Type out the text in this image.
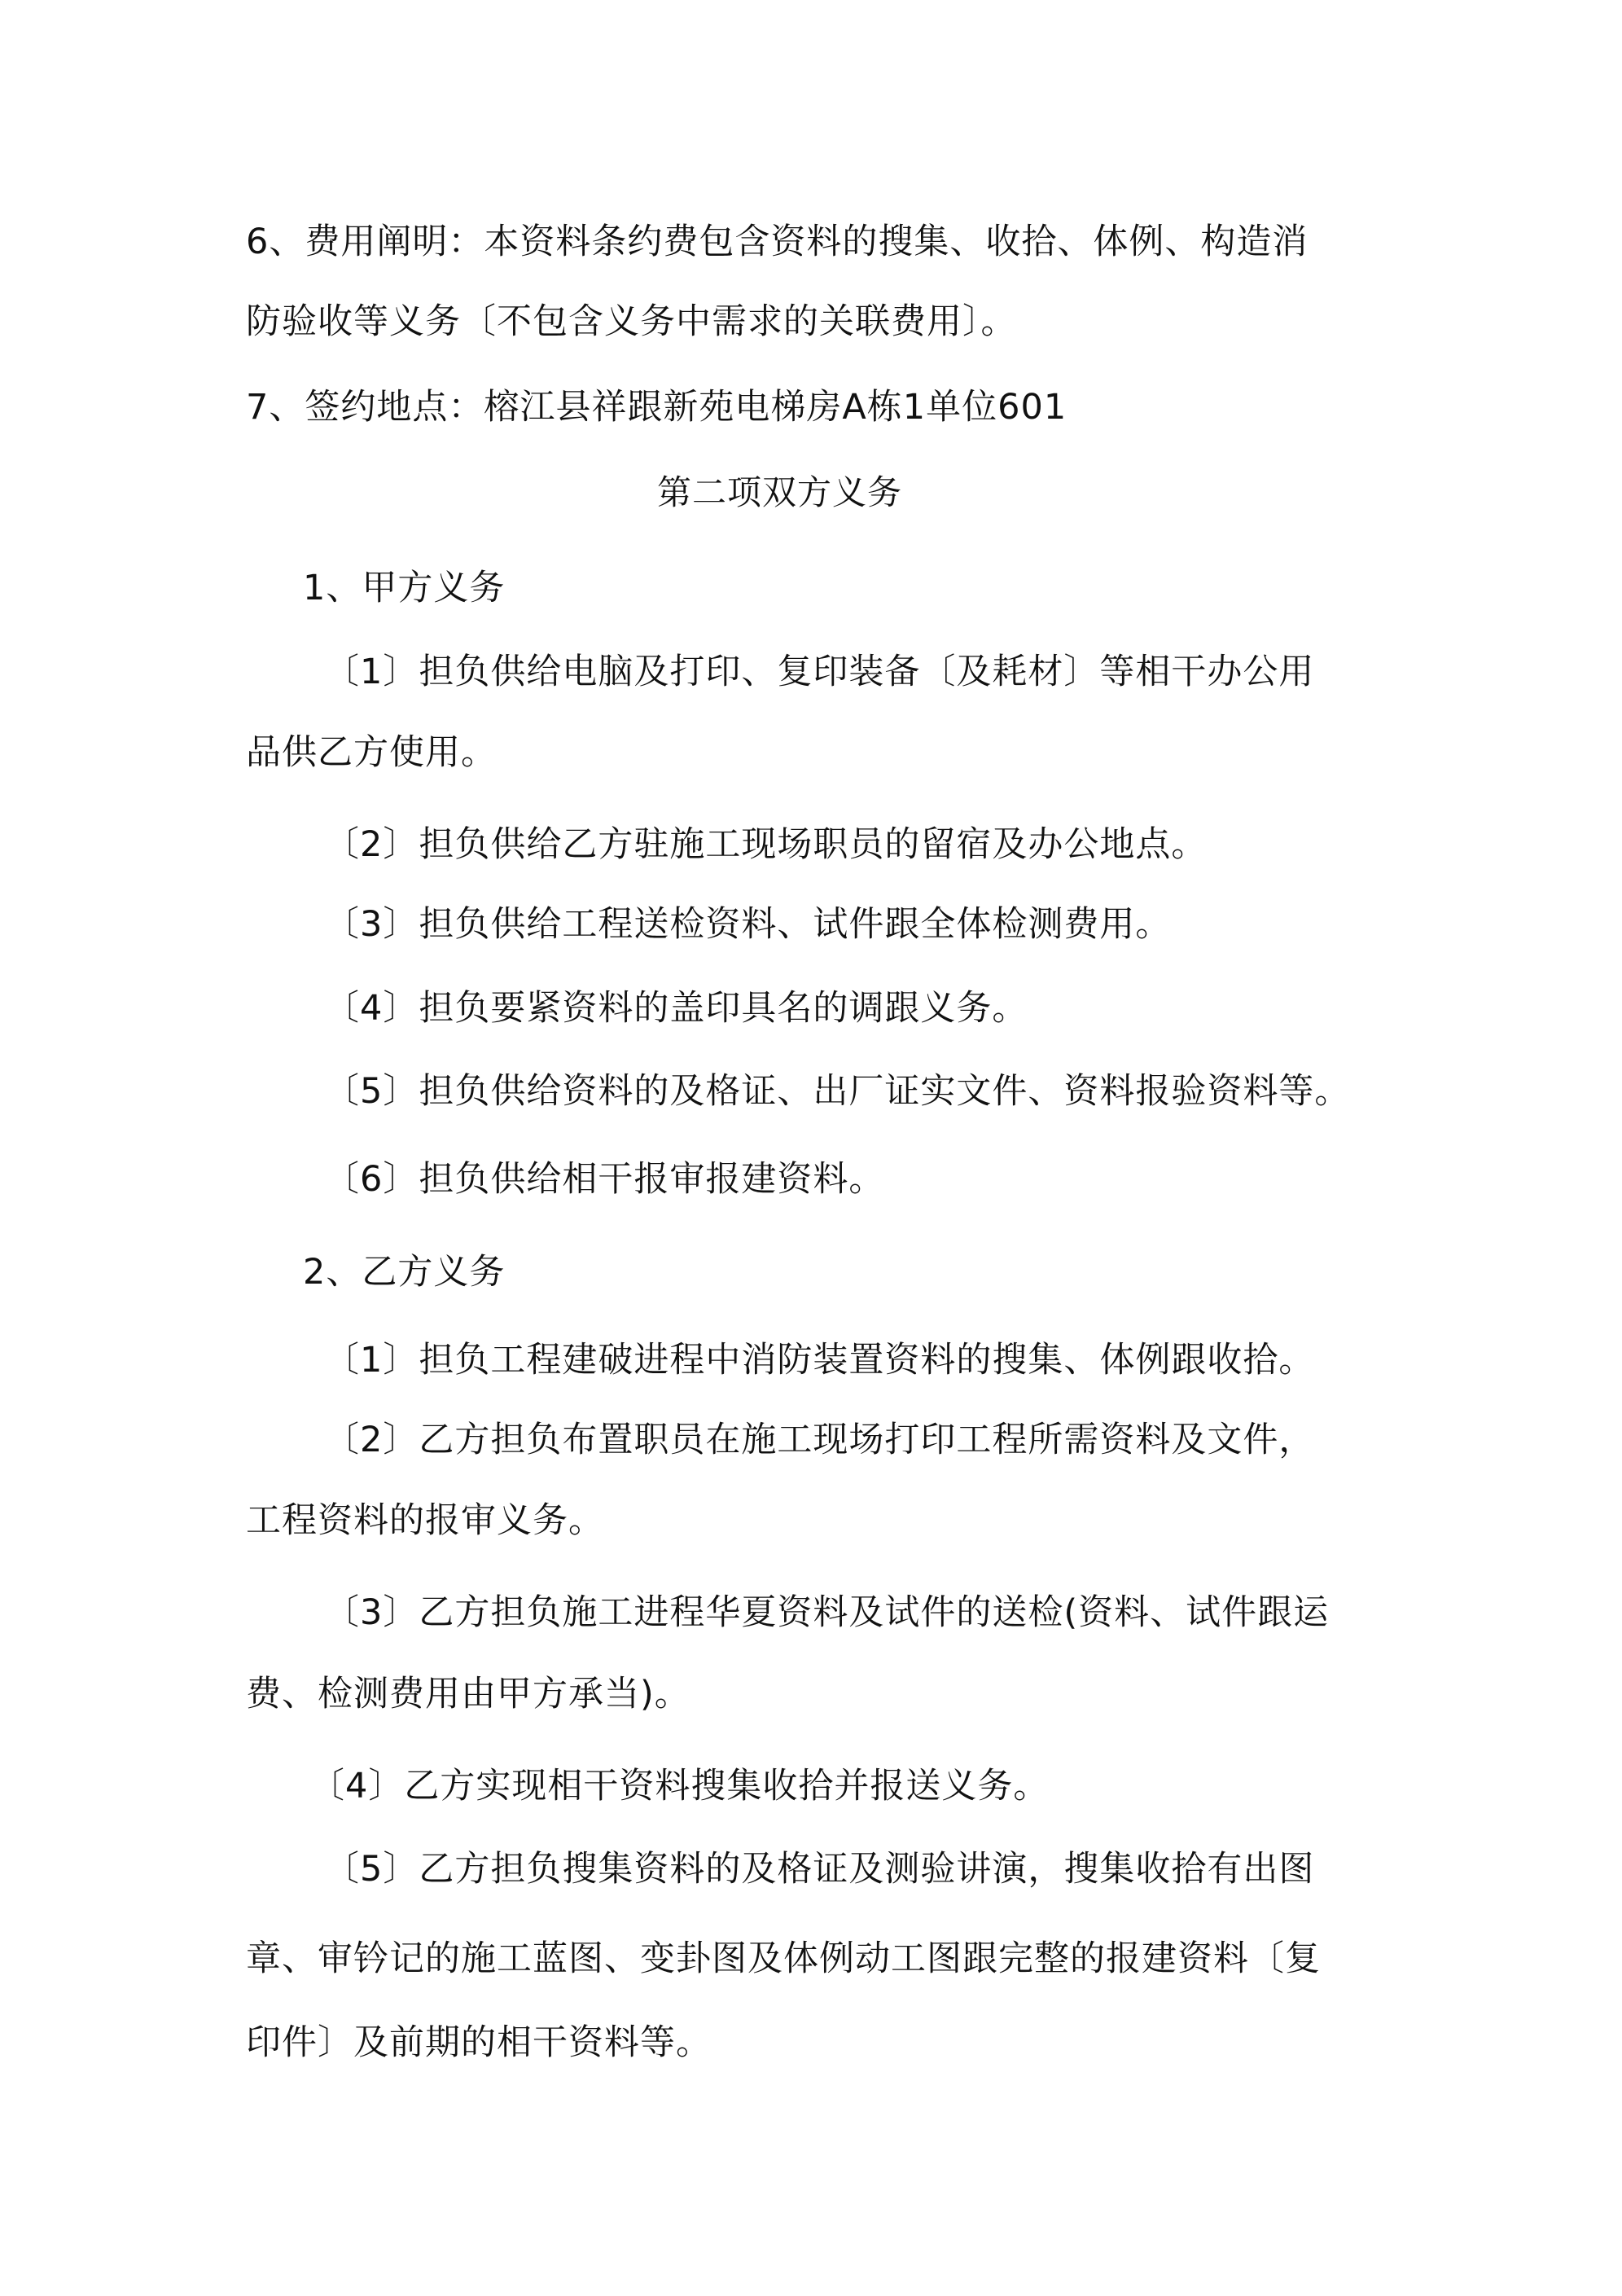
6、费用阐明：本资料条约费包含资料的搜集、收拾、体例、构造消

防验收等义务〔不包含义务中需求的关联费用〕。

7、签约地点：榕江县祥跟新苑电梯房A栋1单位601

第二项双方义务

1、甲方义务

〔1〕担负供给电脑及打印、复印装备〔及耗材〕等相干办公用

品供乙方使用。

〔2〕担负供给乙方驻施工现场职员的留宿及办公地点。

〔3〕担负供给工程送检资料、试件跟全体检测费用。

〔4〕担负要紧资料的盖印具名的调跟义务。

〔5〕担负供给资料的及格证、出厂证实文件、资料报验资料等。

〔6〕担负供给相干报审报建资料。

2、乙方义务

〔1〕担负工程建破进程中消防装置资料的搜集、体例跟收拾。

〔2〕乙方担负布置职员在施工现场打印工程所需资料及文件，

工程资料的报审义务。

〔3〕乙方担负施工进程华夏资料及试件的送检(资料、试件跟运

费、检测费用由甲方承当)。

〔4〕乙方实现相干资料搜集收拾并报送义务。

〔5〕乙方担负搜集资料的及格证及测验讲演，搜集收拾有出图

章、审钤记的施工蓝图、变卦图及体例动工图跟完整的报建资料〔复

印件〕及前期的相干资料等。
